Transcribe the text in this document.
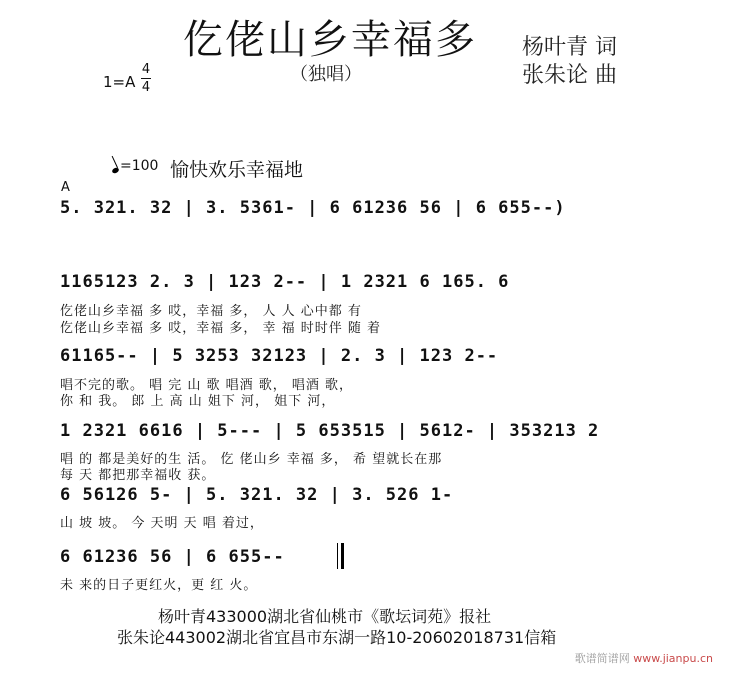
仡佬山乡幸福多
（独唱）
杨叶青 词
张朱论 曲
1=A
4
4
=100 愉快欢乐幸福地
A
5. 321. 32 | 3. 5361- | 6 61236 56 | 6 655--)
1165123 2. 3 | 123 2-- | 1 2321 6 165. 6
仡佬山乡幸福 多 哎，幸福 多， 人 人 心中都 有
仡佬山乡幸福 多 哎，幸福 多， 幸 福 时时伴 随 着
61165-- | 5 3253 32123 | 2. 3 | 123 2--
唱不完的歌。 唱 完 山 歌 唱酒 歌， 唱酒 歌，
你 和 我。 郎 上 高 山 姐下 河， 姐下 河，
1 2321 6616 | 5--- | 5 653515 | 5612- | 353213 2
唱 的 都是美好的生 活。 仡 佬山乡 幸福 多， 希 望就长在那
每 天 都把那幸福收 获。
6 56126 5- | 5. 321. 32 | 3. 526 1-
山 坡 坡。 今 天明 天 唱 着过，
6 61236 56 | 6 655--
未 来的日子更红火，更 红 火。
杨叶青433000湖北省仙桃市《歌坛词苑》报社
张朱论443002湖北省宜昌市东湖一路10-20602018731信箱
歌谱简谱网 www.jianpu.cn
